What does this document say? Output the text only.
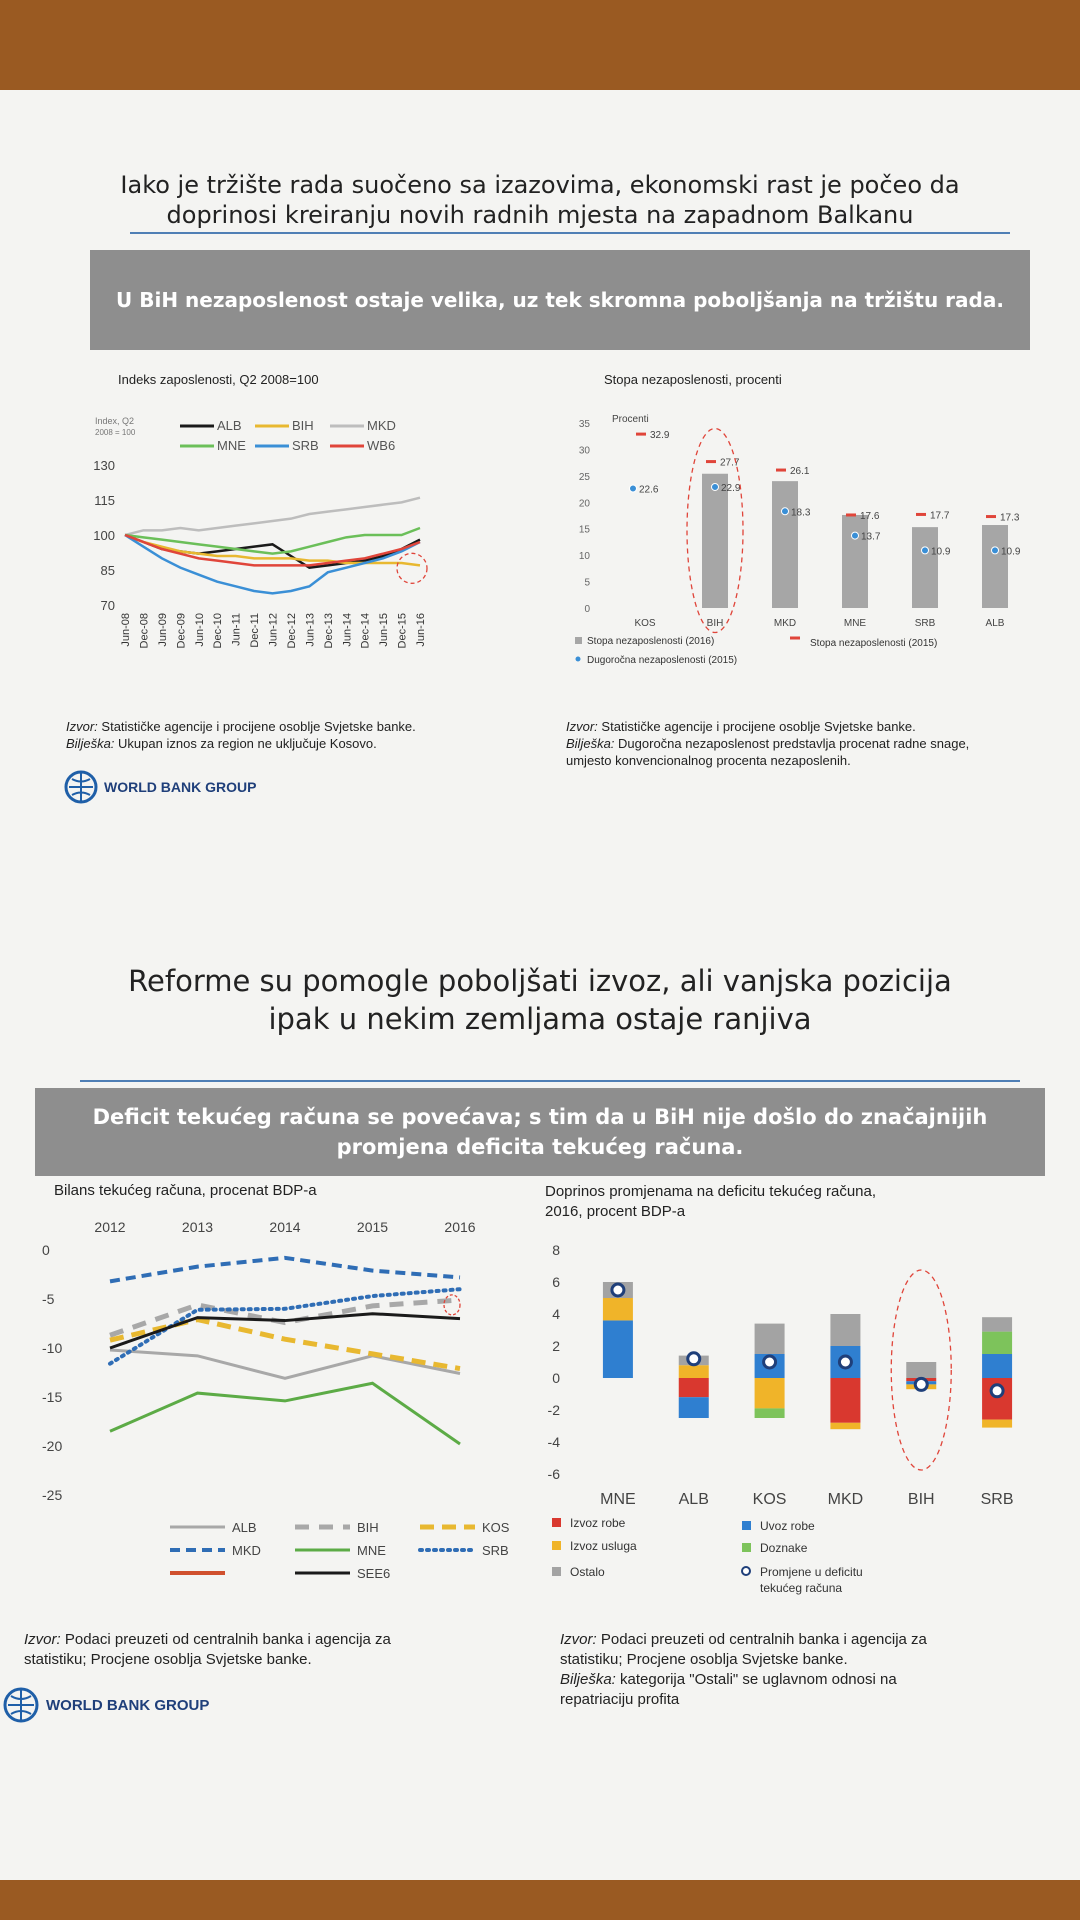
Iako je tržište rada suočeno sa izazovima, ekonomski rast je počeo da
doprinosi kreiranju novih radnih mjesta na zapadnom Balkanu
U BiH nezaposlenost ostaje velika, uz tek skromna poboljšanja na tržištu rada.
Indeks zaposlenosti, Q2 2008=100
Index, Q2
2008 = 100
70
85
100
115
130
Jun-08 Dec-08 Jun-09 Dec-09 Jun-10 Dec-10 Jun-11 Dec-11 Jun-12 Dec-12 Jun-13 Dec-13 Jun-14 Dec-14 Jun-15 Dec-15 Jun-16
ALB	BIH	MKD
MNE	SRB	WB6
Izvor: Statističke agencije i procijene osoblje Svjetske banke.
Bilješka: Ukupan iznos za region ne uključuje Kosovo.
WORLD BANK GROUP
Stopa nezaposlenosti, procenti
Procenti
0
5
10
15
20
25
30
35
32.9
22.6
KOS
27.7
22.9
BIH
26.1
18.3
MKD
17.6
13.7
MNE
17.7
10.9
SRB
17.3
10.9
ALB
Stopa nezaposlenosti (2016)	Stopa nezaposlenosti (2015)
Dugoročna nezaposlenosti (2015)
Izvor: Statističke agencije i procijene osoblje Svjetske banke.
Bilješka: Dugoročna nezaposlenost predstavlja procenat radne snage,
umjesto konvencionalnog procenta nezaposlenih.
Reforme su pomogle poboljšati izvoz, ali vanjska pozicija
ipak u nekim zemljama ostaje ranjiva
Deficit tekućeg računa se povećava; s tim da u BiH nije došlo do značajnijih
promjena deficita tekućeg računa.
Bilans tekućeg računa, procenat BDP-a
2012	2013	2014	2015	2016
0
-5
-10
-15
-20
-25
ALB	BIH	KOS
MKD	MNE	SRB
SEE6
Izvor: Podaci preuzeti od centralnih banka i agencija za
statistiku; Procjene osoblja Svjetske banke.
WORLD BANK GROUP
Doprinos promjenama na deficitu tekućeg računa,
2016, procent BDP-a
8
6
4
2
0
-2
-4
-6
MNE	ALB	KOS	MKD	BIH	SRB
Izvoz robe	Uvoz robe
Izvoz usluga	Doznake
Ostalo	Promjene u deficitu
tekućeg računa
Izvor: Podaci preuzeti od centralnih banka i agencija za
statistiku; Procjene osoblja Svjetske banke.
Bilješka: kategorija "Ostali" se uglavnom odnosi na
repatriaciju profita
